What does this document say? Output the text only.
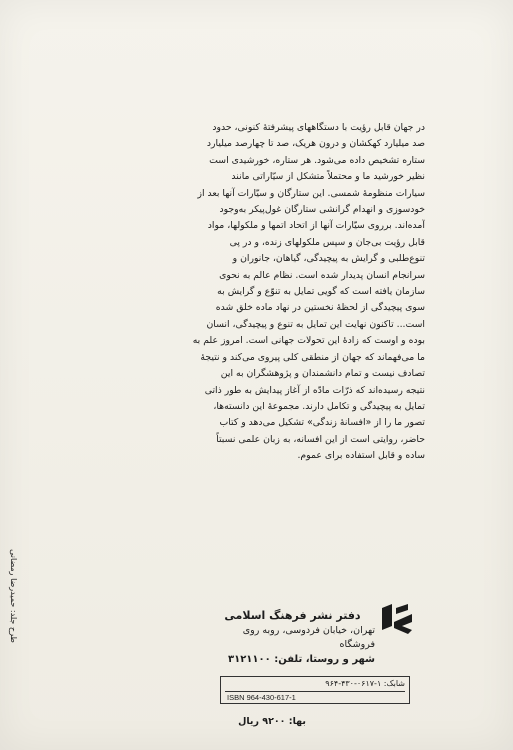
در جهان قابل رؤیت با دستگاههای پیشرفتهٔ کنونی، حدود
صد میلیارد کهکشان و درون هریک، صد تا چهارصد میلیارد
ستاره تشخیص داده می‌شود. هر ستاره، خورشیدی است
نظیر خورشید ما و محتملاً متشکل از سیّاراتی مانند
سیارات منظومهٔ شمسی. این ستارگان و سیّارات آنها بعد از
خودسوزی و انهدام گرانشی ستارگان غول‌پیکر به‌وجود
آمده‌اند. برروی سیّارات آنها از اتحاد اتمها و ملکولها، مواد
قابل رؤیت بی‌جان و سپس ملکولهای زنده، و در پی
تنوع‌طلبی و گرایش به پیچیدگی، گیاهان، جانوران و
سرانجام انسان پدیدار شده است. نظام عالم به نحوی
سازمان یافته است که گویی تمایل به تنوّع و گرایش به
سوی پیچیدگی از لحظهٔ نخستین در نهاد ماده خلق شده
است... تاکنون نهایت این تمایل به تنوع و پیچیدگی، انسان
بوده و اوست که زادهٔ این تحولات جهانی است. امروز علم به
ما می‌فهماند که جهان از منطقی کلی پیروی می‌کند و نتیجهٔ
تصادف نیست و تمام دانشمندان و پژوهشگران به این
نتیجه رسیده‌اند که ذرّات مادّه از آغاز پیدایش به طور ذاتی
تمایل به پیچیدگی و تکامل دارند. مجموعهٔ این دانسته‌ها،
تصور ما را از «افسانهٔ زندگی» تشکیل می‌دهد و کتاب
حاضر، روایتی است از این افسانه، به زبان علمی نسبتاً
ساده و قابل استفاده برای عموم.
دفتر نشر فرهنگ اسلامی
تهران، خیابان فردوسی، روبه روی فروشگاه
شهر و روستا، تلفن: ۳۱۲۱۱۰۰
شابک: ۱-۰۶۱۷-۴۳۰-۹۶۴
ISBN 964-430-617-1
بها: ۹۲۰۰ ریال
طرح جلد: حمیدرضا رمضانی
